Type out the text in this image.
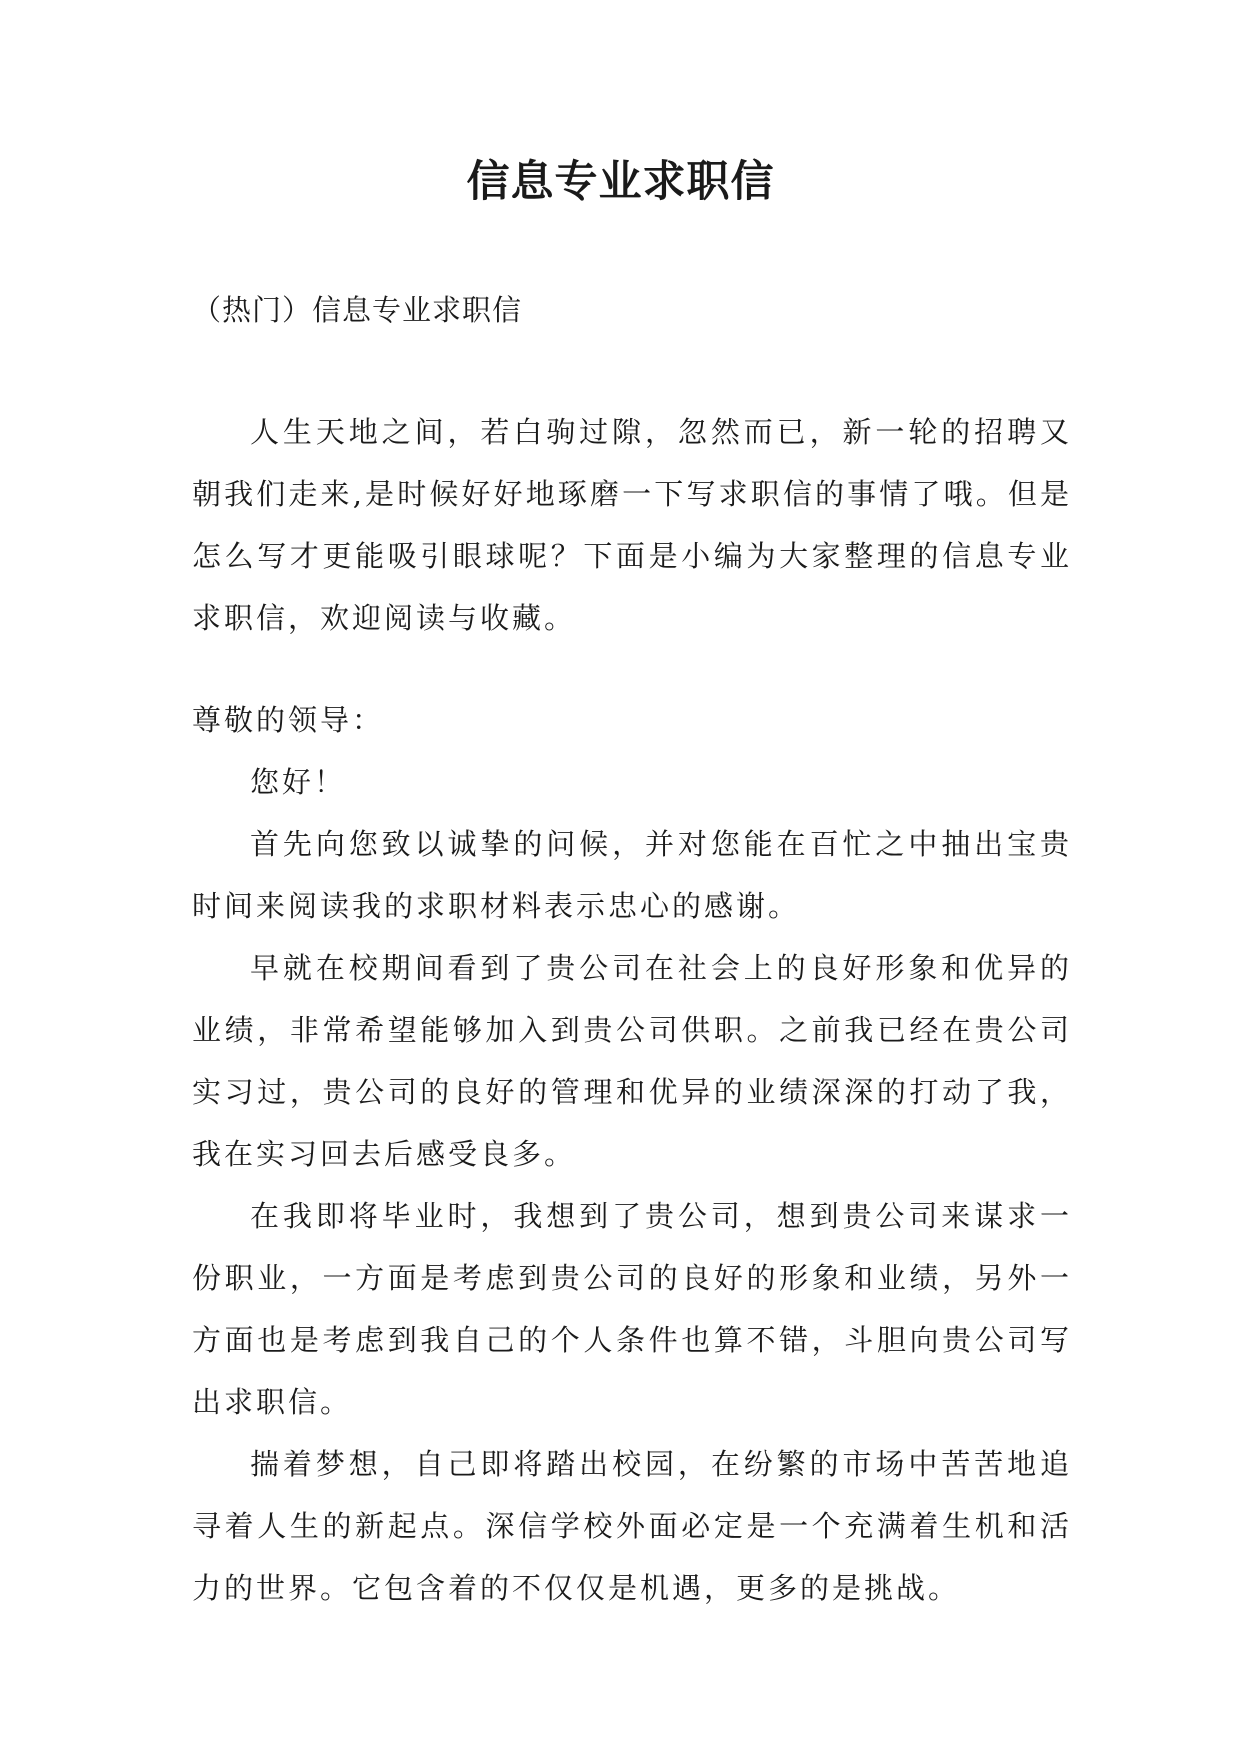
信息专业求职信
（热门）信息专业求职信

人生天地之间，若白驹过隙，忽然而已，新一轮的招聘又朝我们走来,是时候好好地琢磨一下写求职信的事情了哦。但是怎么写才更能吸引眼球呢？下面是小编为大家整理的信息专业求职信，欢迎阅读与收藏。

尊敬的领导：

您好！

首先向您致以诚挚的问候，并对您能在百忙之中抽出宝贵时间来阅读我的求职材料表示忠心的感谢。

早就在校期间看到了贵公司在社会上的良好形象和优异的业绩，非常希望能够加入到贵公司供职。之前我已经在贵公司实习过，贵公司的良好的管理和优异的业绩深深的打动了我，我在实习回去后感受良多。

在我即将毕业时，我想到了贵公司，想到贵公司来谋求一份职业，一方面是考虑到贵公司的良好的形象和业绩，另外一方面也是考虑到我自己的个人条件也算不错，斗胆向贵公司写出求职信。

揣着梦想，自己即将踏出校园，在纷繁的市场中苦苦地追寻着人生的新起点。深信学校外面必定是一个充满着生机和活力的世界。它包含着的不仅仅是机遇，更多的是挑战。
